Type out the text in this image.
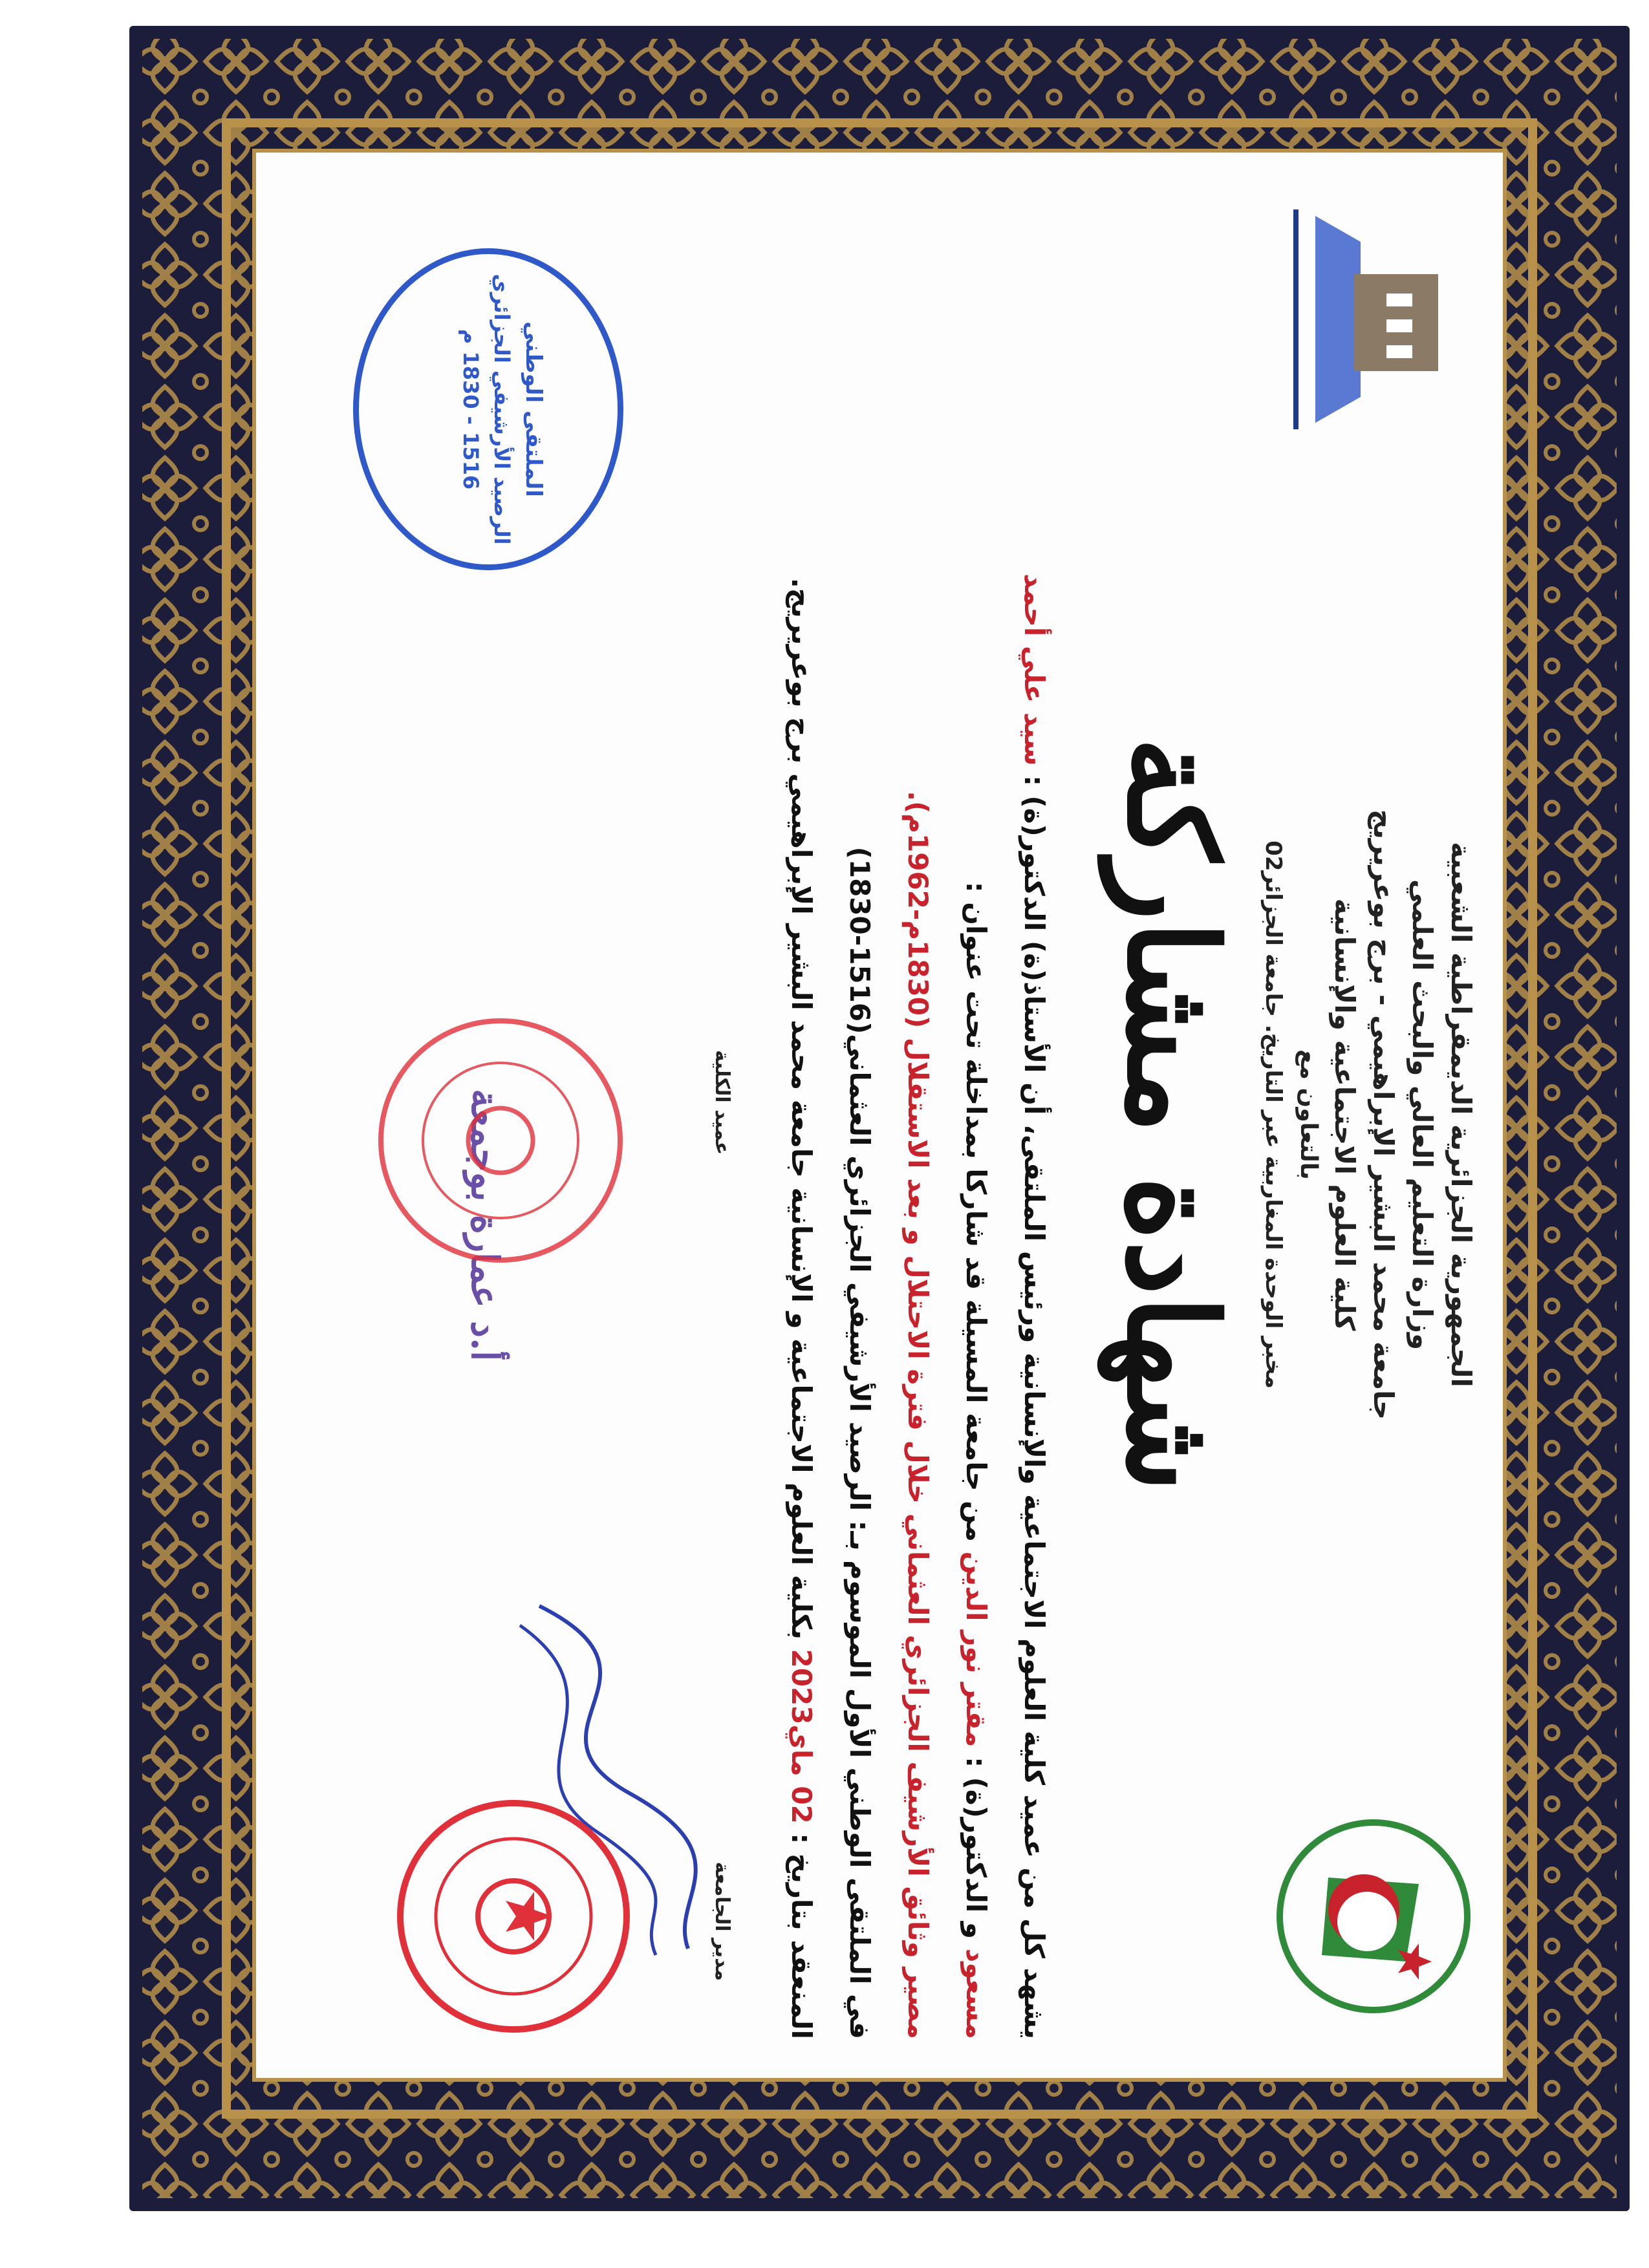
الجمهورية الجزائرية الديمقراطية الشعبية
وزارة التعليم العالي والبحث العلمي
جامعة محمد البشير الإبراهيمي - برج بوعريريج
كلية العلوم الاجتماعية والإنسانية
بالتعاون مع
مخبر الوحدة المغاربية عبر التاريخ. جامعة الجزائر02
شهادة مشاركة
يشهد كل من عميد كلية العلوم الاجتماعية والإنسانية ورئيس الملتقى، أن الأستاذ(ة) الدكتور(ة) : سيد علي أحمد
مسعود و الدكتور(ة) : مقتر نور الدين من جامعة المسيلة قد شاركا بمداخلة تحت عنوان :
مصير وثائق الأرشيف الجزائري العثماني خلال فترة الاحتلال و بعد الاستقلال (1830م-1962م).
في الملتقى الوطني الأول الموسوم بـ: الرصيد الأرشيفي الجزائري العثماني(1516-1830)
المنعقد بتاريخ : 02 ماي2023 بكلية العلوم الاجتماعية و الإنسانية جامعة محمد البشير الإبراهيمي برج بوعريريج.
مدير الجامعة
عميد الكلية
أ.د عمارة بوجمعة
الملتقى الوطني
الرصيد الأرشيفي الجزائري
1516 - 1830 م
